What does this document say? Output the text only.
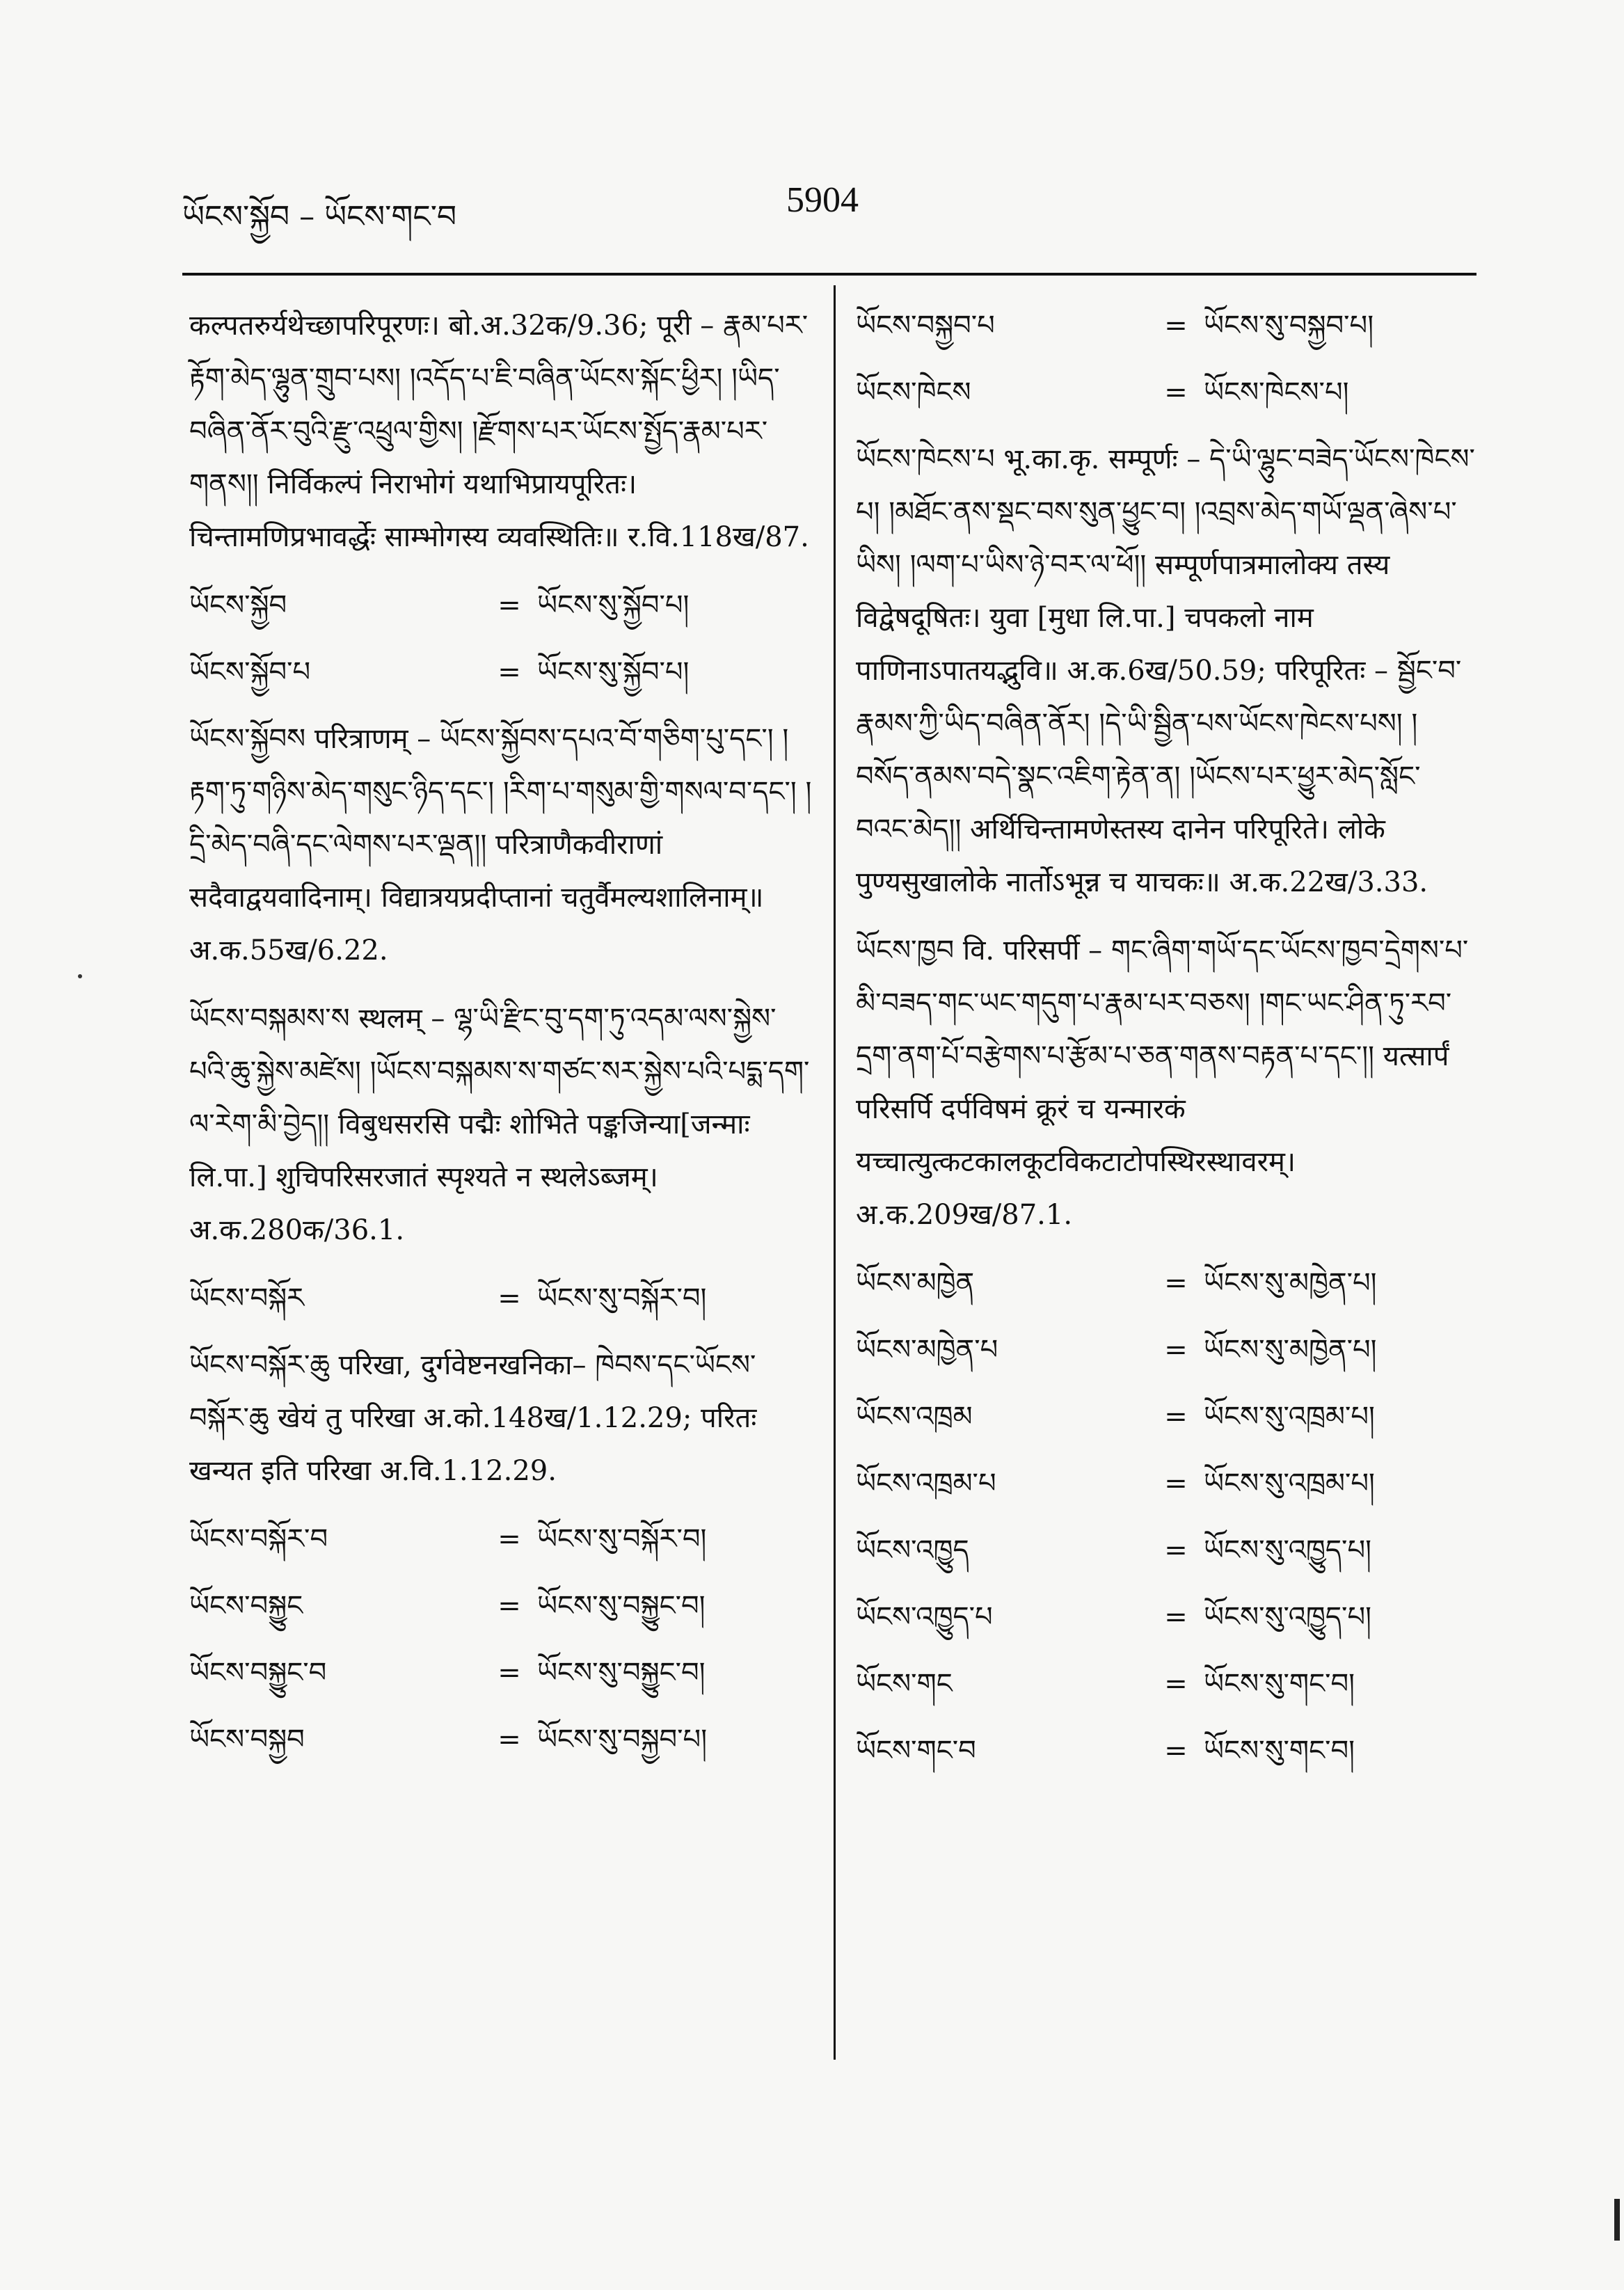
ཡོངས་སྐྱོབ – ཡོངས་གང་བ	5904
कल्पतरुर्यथेच्छापरिपूरणः। बो.अ.32क/9.36; पूरी – རྣམ་པར་རྟོག་མེད་ལྷུན་གྲུབ་པས། །འདོད་པ་ཇི་བཞིན་ཡོངས་སྐོང་ཕྱིར། །ཡིད་བཞིན་ནོར་བུའི་རྫུ་འཕྲུལ་གྱིས། །རྫོགས་པར་ཡོངས་སྤྱོད་རྣམ་པར་གནས།། निर्विकल्पं निराभोगं यथाभिप्रायपूरितः। चिन्तामणिप्रभावर्द्धेः साम्भोगस्य व्यवस्थितिः॥ र.वि.118ख/87.
ཡོངས་སྐྱོབ	= ཡོངས་སུ་སྐྱོབ་པ།
ཡོངས་སྐྱོབ་པ	= ཡོངས་སུ་སྐྱོབ་པ།
ཡོངས་སྐྱོབས परित्राणम् – ཡོངས་སྐྱོབས་དཔའ་བོ་གཅིག་པུ་དང་། །རྟག་ཏུ་གཉིས་མེད་གསུང་ཉིད་དང་། །རིག་པ་གསུམ་གྱི་གསལ་བ་དང་། །དྲི་མེད་བཞི་དང་ལེགས་པར་ལྡན།། परित्राणैकवीराणां सदैवाद्वयवादिनाम्। विद्यात्रयप्रदीप्तानां चतुर्वैमल्यशालिनाम्॥ अ.क.55ख/6.22.
ཡོངས་བསྐམས་ས स्थलम् – ལྷ་ཡི་རྫིང་བུ་དག་ཏུ་འདམ་ལས་སྐྱེས་པའི་ཆུ་སྐྱེས་མཛེས། །ཡོངས་བསྐམས་ས་གཙང་སར་སྐྱེས་པའི་པདྨ་དག་ལ་རེག་མི་བྱེད།། विबुधसरसि पद्मैः शोभिते पङ्कजिन्या[जन्माः लि.पा.] शुचिपरिसरजातं स्पृश्यते न स्थलेऽब्जम्। अ.क.280क/36.1.
ཡོངས་བསྐོར	= ཡོངས་སུ་བསྐོར་བ།
ཡོངས་བསྐོར་ཆུ परिखा, दुर्गवेष्टनखनिका– ཁེབས་དང་ཡོངས་བསྐོར་ཆུ खेयं तु परिखा अ.को.148ख/1.12.29; परितः खन्यत इति परिखा अ.वि.1.12.29.
ཡོངས་བསྐོར་བ	= ཡོངས་སུ་བསྐོར་བ།
ཡོངས་བསྐྱུང	= ཡོངས་སུ་བསྐྱུང་བ།
ཡོངས་བསྐྱུང་བ	= ཡོངས་སུ་བསྐྱུང་བ།
ཡོངས་བསྐྱབ	= ཡོངས་སུ་བསྐྱབ་པ།
ཡོངས་བསྐྱབ་པ	= ཡོངས་སུ་བསྐྱབ་པ།
ཡོངས་ཁེངས	= ཡོངས་ཁེངས་པ།
ཡོངས་ཁེངས་པ भू.का.कृ. सम्पूर्णः – དེ་ཡི་ལྷུང་བཟེད་ཡོངས་ཁེངས་པ། །མཐོང་ནས་སྡང་བས་སུན་ཕྱུང་བ། །འབྲས་མེད་གཡོ་ལྡན་ཞེས་པ་ཡིས། །ལག་པ་ཡིས་ཉེ་བར་ལ་ཕོ།། सम्पूर्णपात्रमालोक्य तस्य विद्वेषदूषितः। युवा [मुधा लि.पा.] चपकलो नाम पाणिनाऽपातयद्भुवि॥ अ.क.6ख/50.59; परिपूरितः – སྦྱོང་བ་རྣམས་ཀྱི་ཡིད་བཞིན་ནོར། །དེ་ཡི་སྦྱིན་པས་ཡོངས་ཁེངས་པས། །བསོད་ནམས་བདེ་སྣང་འཇིག་རྟེན་ན། །ཡོངས་པར་ཕྱུར་མེད་སློང་བའང་མེད།། अर्थिचिन्तामणेस्तस्य दानेन परिपूरिते। लोके पुण्यसुखालोके नार्तोऽभून्न च याचकः॥ अ.क.22ख/3.33.
ཡོངས་ཁྱབ वि. परिसर्पी – གང་ཞིག་གཡོ་དང་ཡོངས་ཁྱབ་དྲེགས་པ་མི་བཟད་གང་ཡང་གདུག་པ་རྣམ་པར་བཅས། །གང་ཡང་ཤིན་ཏུ་རབ་དྲག་ནག་པོ་བརྩེགས་པ་རྩོམ་པ་ཅན་གནས་བརྟན་པ་དང་།། यत्सार्पं परिसर्पि दर्पविषमं क्रूरं च यन्मारकं यच्चात्युत्कटकालकूटविकटाटोपस्थिरस्थावरम्। अ.क.209ख/87.1.
ཡོངས་མཁྱེན	= ཡོངས་སུ་མཁྱེན་པ།
ཡོངས་མཁྱེན་པ	= ཡོངས་སུ་མཁྱེན་པ།
ཡོངས་འཁྲམ	= ཡོངས་སུ་འཁྲམ་པ།
ཡོངས་འཁྲམ་པ	= ཡོངས་སུ་འཁྲམ་པ།
ཡོངས་འཁྱུད	= ཡོངས་སུ་འཁྱུད་པ།
ཡོངས་འཁྱུད་པ	= ཡོངས་སུ་འཁྱུད་པ།
ཡོངས་གང	= ཡོངས་སུ་གང་བ།
ཡོངས་གང་བ	= ཡོངས་སུ་གང་བ།
